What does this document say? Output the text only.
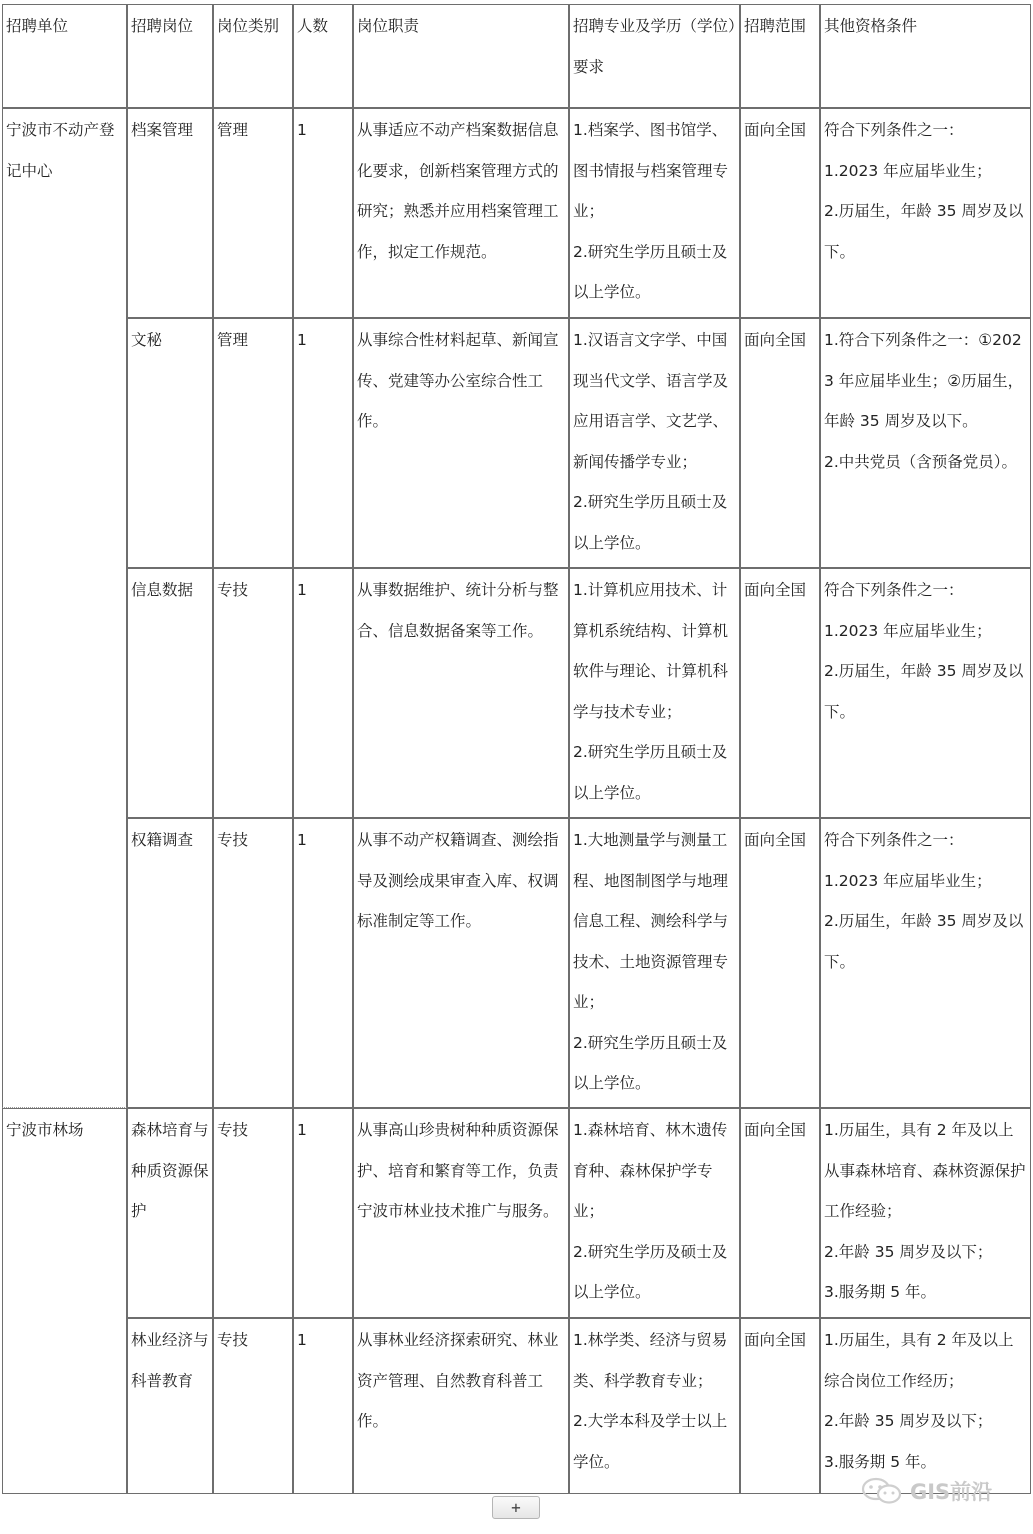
招聘单位	招聘岗位	岗位类别	人数	岗位职责	招聘专业及学历（学位）要求	招聘范围	其他资格条件
宁波市不动产登记中心	档案管理	管理	1	从事适应不动产档案数据信息化要求，创新档案管理方式的研究；熟悉并应用档案管理工作，拟定工作规范。	1.档案学、图书馆学、图书情报与档案管理专业；
2.研究生学历且硕士及以上学位。	面向全国	符合下列条件之一：
1.2023 年应届毕业生；
2.历届生，年龄 35 周岁及以下。

	文秘	管理	1	从事综合性材料起草、新闻宣传、党建等办公室综合性工作。	1.汉语言文字学、中国现当代文学、语言学及应用语言学、文艺学、新闻传播学专业；
2.研究生学历且硕士及以上学位。	面向全国	1.符合下列条件之一：①2023 年应届毕业生；②历届生，年龄 35 周岁及以下。
2.中共党员（含预备党员）。

	信息数据	专技	1	从事数据维护、统计分析与整合、信息数据备案等工作。	1.计算机应用技术、计算机系统结构、计算机软件与理论、计算机科学与技术专业；
2.研究生学历且硕士及以上学位。	面向全国	符合下列条件之一：
1.2023 年应届毕业生；
2.历届生，年龄 35 周岁及以下。

	权籍调查	专技	1	从事不动产权籍调查、测绘指导及测绘成果审查入库、权调标准制定等工作。	1.大地测量学与测量工程、地图制图学与地理信息工程、测绘科学与技术、土地资源管理专业；
2.研究生学历且硕士及以上学位。	面向全国	符合下列条件之一：
1.2023 年应届毕业生；
2.历届生，年龄 35 周岁及以下。

宁波市林场	森林培育与种质资源保护	专技	1	从事高山珍贵树种种质资源保护、培育和繁育等工作，负责宁波市林业技术推广与服务。	1.森林培育、林木遗传育种、森林保护学专业；
2.研究生学历及硕士及以上学位。	面向全国	1.历届生，具有 2 年及以上从事森林培育、森林资源保护工作经验；
2.年龄 35 周岁及以下；
3.服务期 5 年。

	林业经济与科普教育	专技	1	从事林业经济探索研究、林业资产管理、自然教育科普工作。	1.林学类、经济与贸易类、科学教育专业；
2.大学本科及学士以上学位。	面向全国	1.历届生，具有 2 年及以上综合岗位工作经历；
2.年龄 35 周岁及以下；
3.服务期 5 年。
+
GIS前沿
